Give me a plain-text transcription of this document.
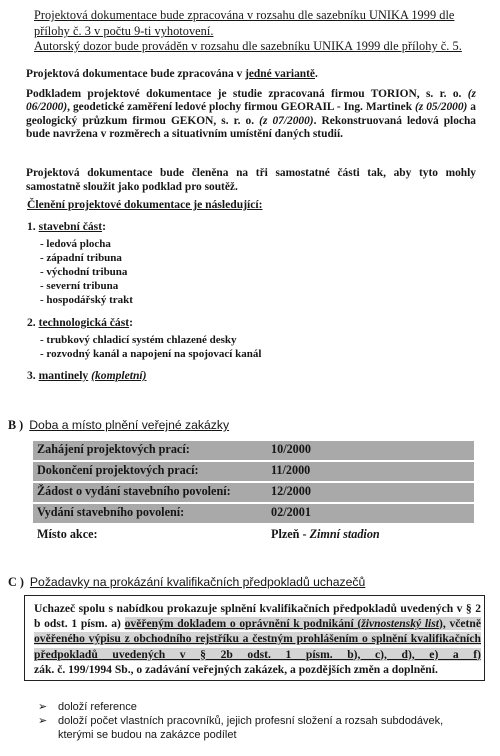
Projektová dokumentace bude zpracována v rozsahu dle sazebníku UNIKA 1999 dle
přílohy č. 3 v počtu 9-ti vyhotovení.
Autorský dozor bude prováděn v rozsahu dle sazebníku UNIKA 1999 dle přílohy č. 5.
Projektová dokumentace bude zpracována v jedné variantě.
Podkladem projektové dokumentace je studie zpracovaná firmou TORION, s. r. o. (z 06/2000), geodetické zaměření ledové plochy firmou GEORAIL - Ing. Martinek (z 05/2000) a geologický průzkum firmou GEKON, s. r. o. (z 07/2000). Rekonstruovaná ledová plocha bude navržena v rozměrech a situativním umístění daných studií.
Projektová dokumentace bude členěna na tři samostatné části tak, aby tyto mohly samostatně sloužit jako podklad pro soutěž.
Členění projektové dokumentace je následující:
1. stavební část:
- ledová plocha
- západní tribuna
- východní tribuna
- severní tribuna
- hospodářský trakt
2. technologická část:
- trubkový chladicí systém chlazené desky
- rozvodný kanál a napojení na spojovací kanál
3. mantinely (kompletní)
B ) Doba a místo plnění veřejné zakázky
Zahájení projektových prací:	10/2000
Dokončení projektových prací:	11/2000
Žádost o vydání stavebního povolení:	12/2000
Vydání stavebního povolení:	02/2001
Místo akce:	Plzeň - Zimní stadion
C ) Požadavky na prokázání kvalifikačních předpokladů uchazečů
Uchazeč spolu s nabídkou prokazuje splnění kvalifikačních předpokladů uvedených v § 2 b odst. 1 písm. a) ověřeným dokladem o oprávnění k podnikání (živnostenský list), včetně ověřeného výpisu z obchodního rejstříku a čestným prohlášením o splnění kvalifikačních předpokladů uvedených v § 2b odst. 1 písm. b), c), d), e) a f)
zák. č. 199/1994 Sb., o zadávání veřejných zakázek, a pozdějších změn a doplnění.
➢ doloží reference
➢ doloží počet vlastních pracovníků, jejich profesní složení a rozsah subdodávek, kterými se budou na zakázce podílet
